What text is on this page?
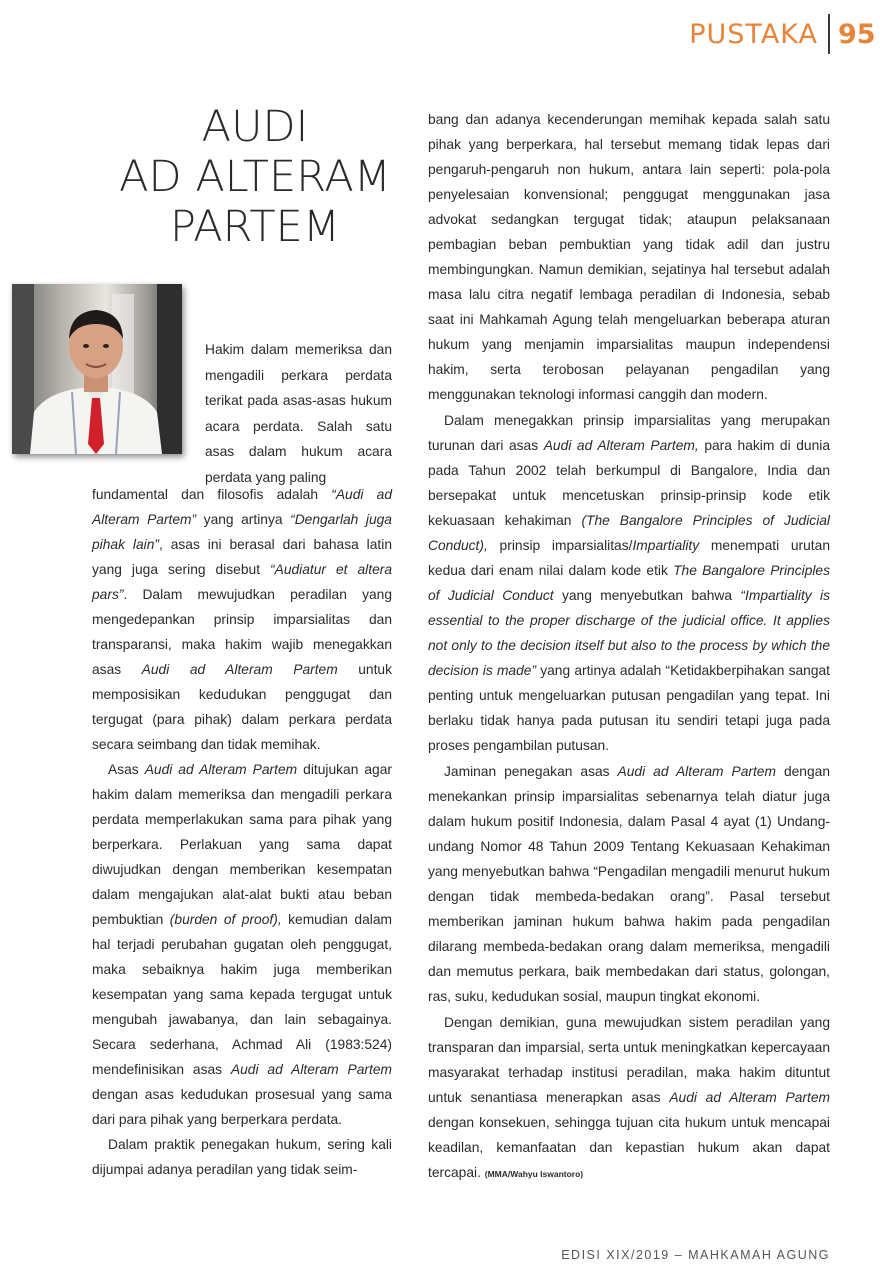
PUSTAKA 95
AUDI
AD ALTERAM
PARTEM
Hakim dalam memeriksa dan mengadili perkara perdata terikat pada asas-asas hukum acara perdata. Salah satu asas dalam hukum acara perdata yang paling

fundamental dan filosofis adalah “Audi ad Alteram Partem” yang artinya “Dengarlah juga pihak lain”, asas ini berasal dari bahasa latin yang juga sering disebut “Audiatur et altera pars”. Dalam mewujudkan peradilan yang mengedepankan prinsip imparsialitas dan transparansi, maka hakim wajib menegakkan asas Audi ad Alteram Partem untuk memposisikan kedudukan penggugat dan tergugat (para pihak) dalam perkara perdata secara seimbang dan tidak memihak.

Asas Audi ad Alteram Partem ditujukan agar hakim dalam memeriksa dan mengadili perkara perdata memperlakukan sama para pihak yang berperkara. Perlakuan yang sama dapat diwujudkan dengan memberikan kesempatan dalam mengajukan alat-alat bukti atau beban pembuktian (burden of proof), kemudian dalam hal terjadi perubahan gugatan oleh penggugat, maka sebaiknya hakim juga memberikan kesempatan yang sama kepada tergugat untuk mengubah jawabanya, dan lain sebagainya. Secara sederhana, Achmad Ali (1983:524) mendefinisikan asas Audi ad Alteram Partem dengan asas kedudukan prosesual yang sama dari para pihak yang berperkara perdata.

Dalam praktik penegakan hukum, sering kali dijumpai adanya peradilan yang tidak seim-

bang dan adanya kecenderungan memihak kepada salah satu pihak yang berperkara, hal tersebut memang tidak lepas dari pengaruh-pengaruh non hukum, antara lain seperti: pola-pola penyelesaian konvensional; penggugat menggunakan jasa advokat sedangkan tergugat tidak; ataupun pelaksanaan pembagian beban pembuktian yang tidak adil dan justru membingungkan. Namun demikian, sejatinya hal tersebut adalah masa lalu citra negatif lembaga peradilan di Indonesia, sebab saat ini Mahkamah Agung telah mengeluarkan beberapa aturan hukum yang menjamin imparsialitas maupun independensi hakim, serta terobosan pelayanan pengadilan yang menggunakan teknologi informasi canggih dan modern.

Dalam menegakkan prinsip imparsialitas yang merupakan turunan dari asas Audi ad Alteram Partem, para hakim di dunia pada Tahun 2002 telah berkumpul di Bangalore, India dan bersepakat untuk mencetuskan prinsip-prinsip kode etik kekuasaan kehakiman (The Bangalore Principles of Judicial Conduct), prinsip imparsialitas/Impartiality menempati urutan kedua dari enam nilai dalam kode etik The Bangalore Principles of Judicial Conduct yang menyebutkan bahwa “Impartiality is essential to the proper discharge of the judicial office. It applies not only to the decision itself but also to the process by which the decision is made” yang artinya adalah “Ketidakberpihakan sangat penting untuk mengeluarkan putusan pengadilan yang tepat. Ini berlaku tidak hanya pada putusan itu sendiri tetapi juga pada proses pengambilan putusan.

Jaminan penegakan asas Audi ad Alteram Partem dengan menekankan prinsip imparsialitas sebenarnya telah diatur juga dalam hukum positif Indonesia, dalam Pasal 4 ayat (1) Undang-undang Nomor 48 Tahun 2009 Tentang Kekuasaan Kehakiman yang menyebutkan bahwa “Pengadilan mengadili menurut hukum dengan tidak membeda-bedakan orang”. Pasal tersebut memberikan jaminan hukum bahwa hakim pada pengadilan dilarang membeda-bedakan orang dalam memeriksa, mengadili dan memutus perkara, baik membedakan dari status, golongan, ras, suku, kedudukan sosial, maupun tingkat ekonomi.

Dengan demikian, guna mewujudkan sistem peradilan yang transparan dan imparsial, serta untuk meningkatkan kepercayaan masyarakat terhadap institusi peradilan, maka hakim dituntut untuk senantiasa menerapkan asas Audi ad Alteram Partem dengan konsekuen, sehingga tujuan cita hukum untuk mencapai keadilan, kemanfaatan dan kepastian hukum akan dapat tercapai. (MMA/Wahyu Iswantoro)

EDISI XIX/2019 – MAHKAMAH AGUNG
